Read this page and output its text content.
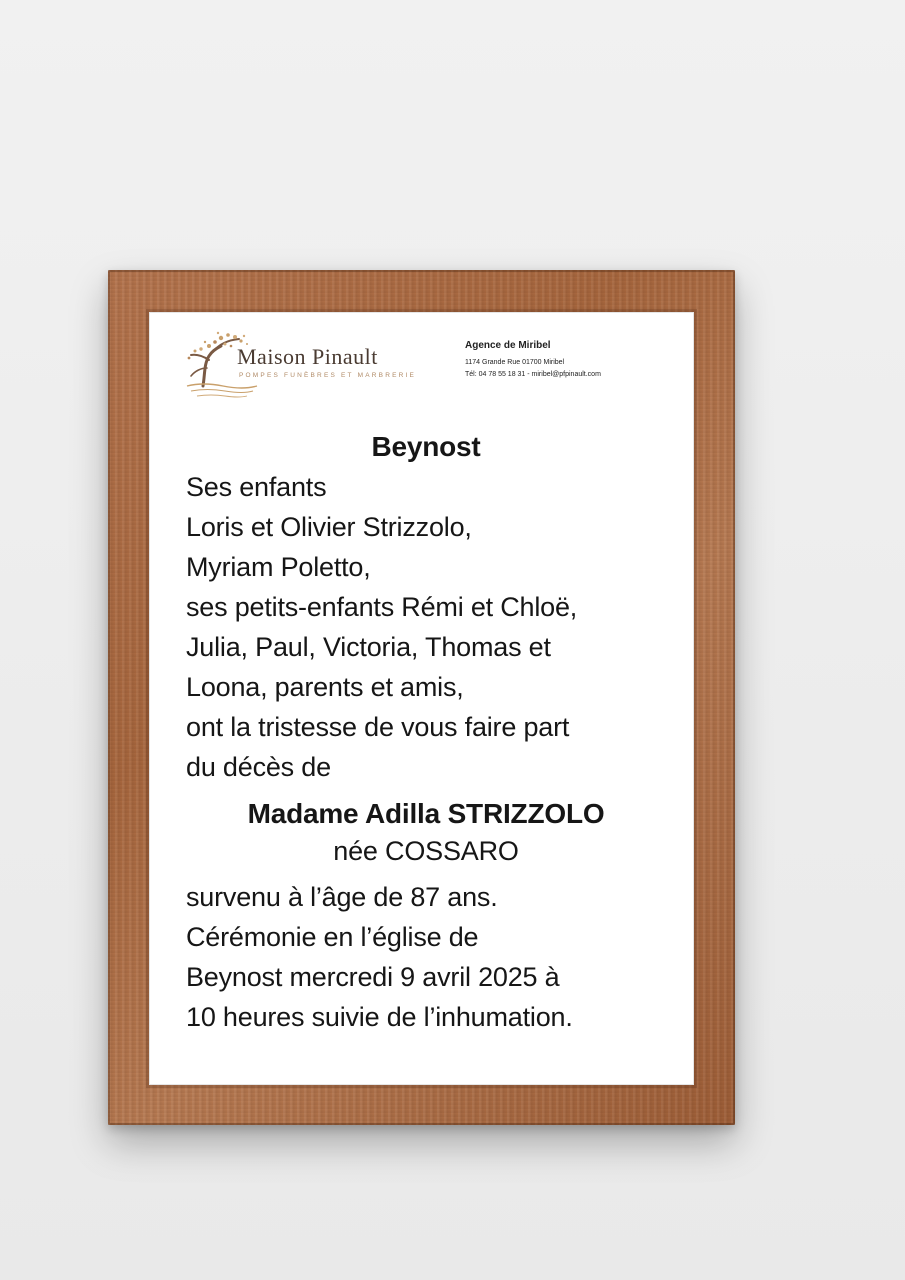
Maison Pinault
POMPES FUNÈBRES ET MARBRERIE
Agence de Miribel
1174 Grande Rue 01700 Miribel
Tél: 04 78 55 18 31 - miribel@pfpinault.com
Beynost
Ses enfants
Loris et Olivier Strizzolo,
Myriam Poletto,
ses petits-enfants Rémi et Chloë,
Julia, Paul, Victoria, Thomas et
Loona, parents et amis,
ont la tristesse de vous faire part
du décès de
Madame Adilla STRIZZOLO
née COSSARO
survenu à l’âge de 87 ans.
Cérémonie en l’église de
Beynost mercredi 9 avril 2025 à
10 heures suivie de l’inhumation.
